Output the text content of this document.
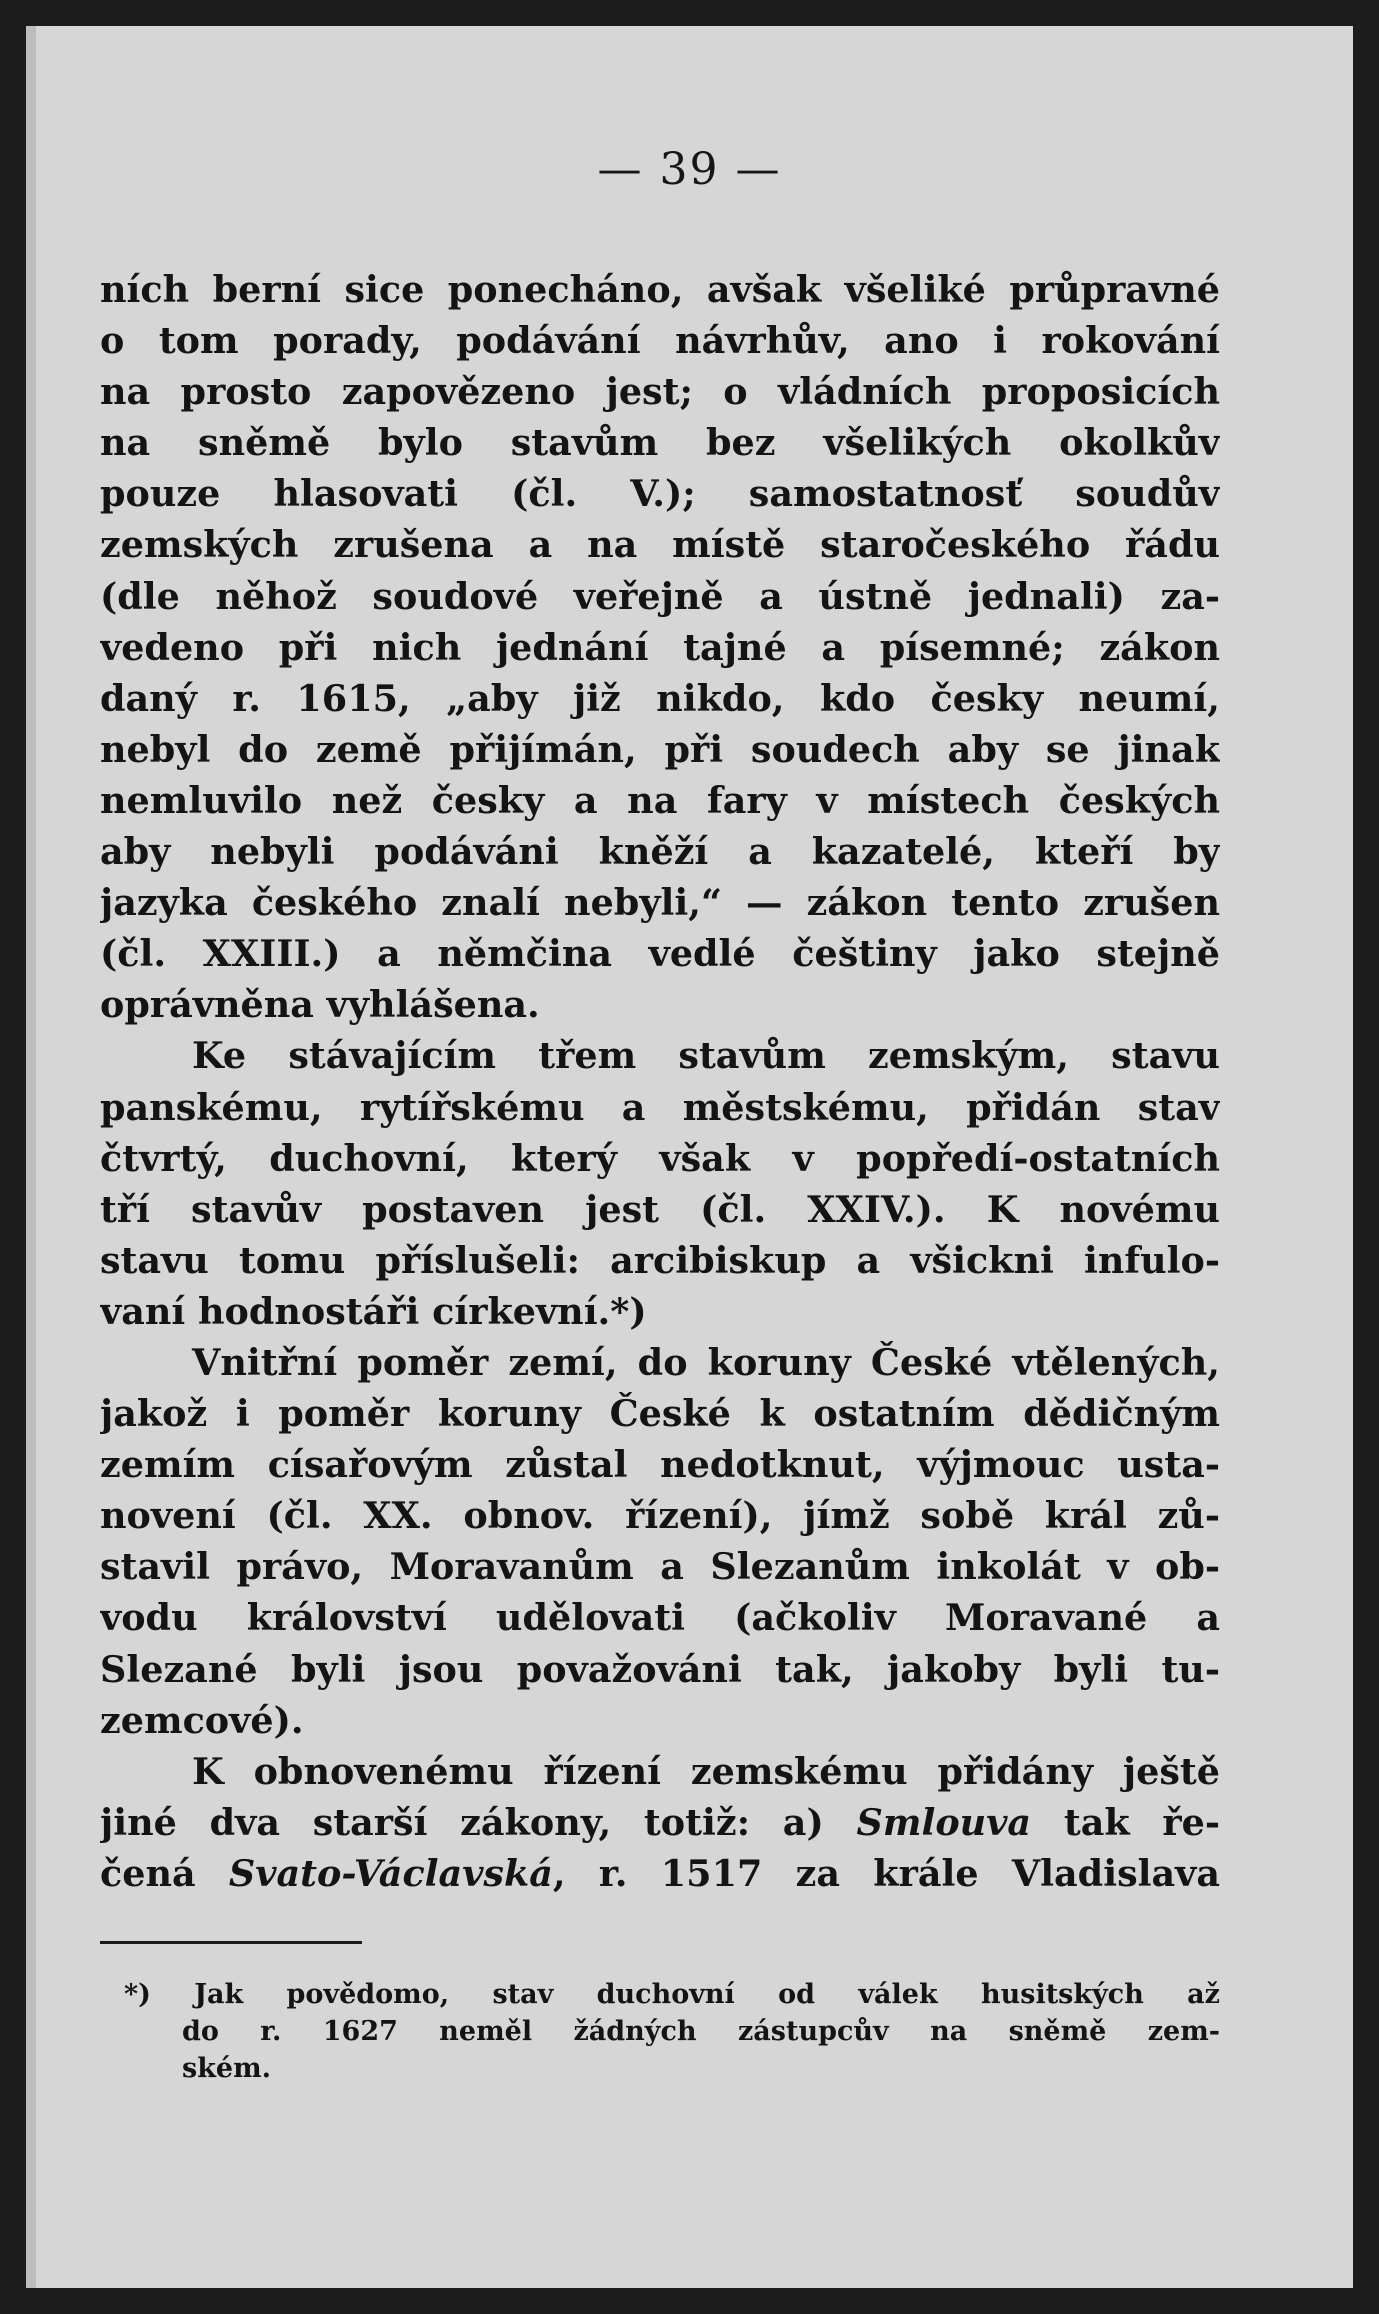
— 39 —
ních berní sice ponecháno, avšak všeliké průpravné
o tom porady, podávání návrhův, ano i rokování
na prosto zapovězeno jest; o vládních proposicích
na sněmě bylo stavům bez všelikých okolkův
pouze hlasovati (čl. V.); samostatnosť soudův
zemských zrušena a na místě staročeského řádu
(dle něhož soudové veřejně a ústně jednali) za-
vedeno při nich jednání tajné a písemné; zákon
daný r. 1615, „aby již nikdo, kdo česky neumí,
nebyl do země přijímán, při soudech aby se jinak
nemluvilo než česky a na fary v místech českých
aby nebyli podáváni kněží a kazatelé, kteří by
jazyka českého znalí nebyli,“ — zákon tento zrušen
(čl. XXIII.) a němčina vedlé češtiny jako stejně
oprávněna vyhlášena.
Ke stávajícím třem stavům zemským, stavu
panskému, rytířskému a městskému, přidán stav
čtvrtý, duchovní, který však v popředí-ostatních
tří stavův postaven jest (čl. XXIV.). K novému
stavu tomu příslušeli: arcibiskup a všickni infulo-
vaní hodnostáři církevní.*)
Vnitřní poměr zemí, do koruny České vtělených,
jakož i poměr koruny České k ostatním dědičným
zemím císařovým zůstal nedotknut, výjmouc usta-
novení (čl. XX. obnov. řízení), jímž sobě král zů-
stavil právo, Moravanům a Slezanům inkolát v ob-
vodu království udělovati (ačkoliv Moravané a
Slezané byli jsou považováni tak, jakoby byli tu-
zemcové).
K obnovenému řízení zemskému přidány ještě
jiné dva starší zákony, totiž: a) Smlouva tak ře-
čená Svato-Václavská, r. 1517 za krále Vladislava
*) Jak povědomo, stav duchovní od válek husitských až
do r. 1627 neměl žádných zástupcův na sněmě zem-
ském.
